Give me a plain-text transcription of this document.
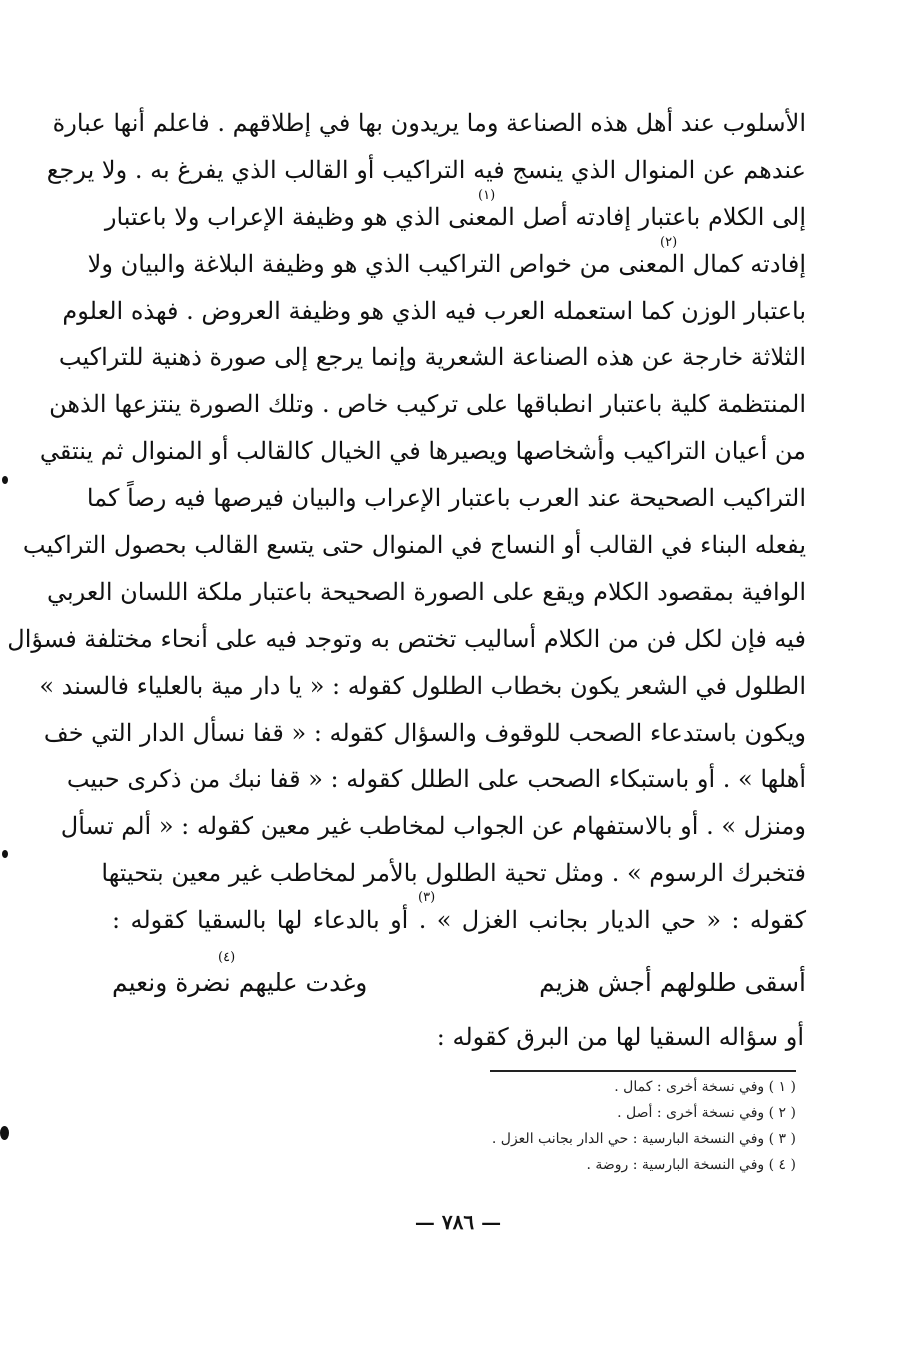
الأسلوب عند أهل هذه الصناعة وما يريدون بها في إطلاقهم . فاعلم أنها عبارة
عندهم عن المنوال الذي ينسج فيه التراكيب أو القالب الذي يفرغ به . ولا يرجع
إلى الكلام باعتبار إفادته أصل المعنى الذي هو وظيفة الإعراب ولا باعتبار
إفادته كمال المعنى من خواص التراكيب الذي هو وظيفة البلاغة والبيان ولا
باعتبار الوزن كما استعمله العرب فيه الذي هو وظيفة العروض . فهذه العلوم
الثلاثة خارجة عن هذه الصناعة الشعرية وإنما يرجع إلى صورة ذهنية للتراكيب
المنتظمة كلية باعتبار انطباقها على تركيب خاص . وتلك الصورة ينتزعها الذهن
من أعيان التراكيب وأشخاصها ويصيرها في الخيال كالقالب أو المنوال ثم ينتقي
التراكيب الصحيحة عند العرب باعتبار الإعراب والبيان فيرصها فيه رصاً كما
يفعله البناء في القالب أو النساج في المنوال حتى يتسع القالب بحصول التراكيب
الوافية بمقصود الكلام ويقع على الصورة الصحيحة باعتبار ملكة اللسان العربي
فيه فإن لكل فن من الكلام أساليب تختص به وتوجد فيه على أنحاء مختلفة فسؤال
الطلول في الشعر يكون بخطاب الطلول كقوله : « يا دار مية بالعلياء فالسند »
ويكون باستدعاء الصحب للوقوف والسؤال كقوله : « قفا نسأل الدار التي خف
أهلها » . أو باستبكاء الصحب على الطلل كقوله : « قفا نبك من ذكرى حبيب
ومنزل » . أو بالاستفهام عن الجواب لمخاطب غير معين كقوله : « ألم تسأل
فتخبرك الرسوم » . ومثل تحية الطلول بالأمر لمخاطب غير معين بتحيتها
كقوله : « حي الديار بجانب الغزل » . أو بالدعاء لها بالسقيا كقوله :
(١)
(٢)
(٣)
(٤)
أسقى طلولهم أجش هزيم
وغدت عليهم نضرة ونعيم
أو سؤاله السقيا لها من البرق كقوله :
( ١ ) وفي نسخة أخرى : كمال .
( ٢ ) وفي نسخة أخرى : أصل .
( ٣ ) وفي النسخة البارسية : حي الدار بجانب العزل .
( ٤ ) وفي النسخة البارسية : روضة .
— ٧٨٦ —
